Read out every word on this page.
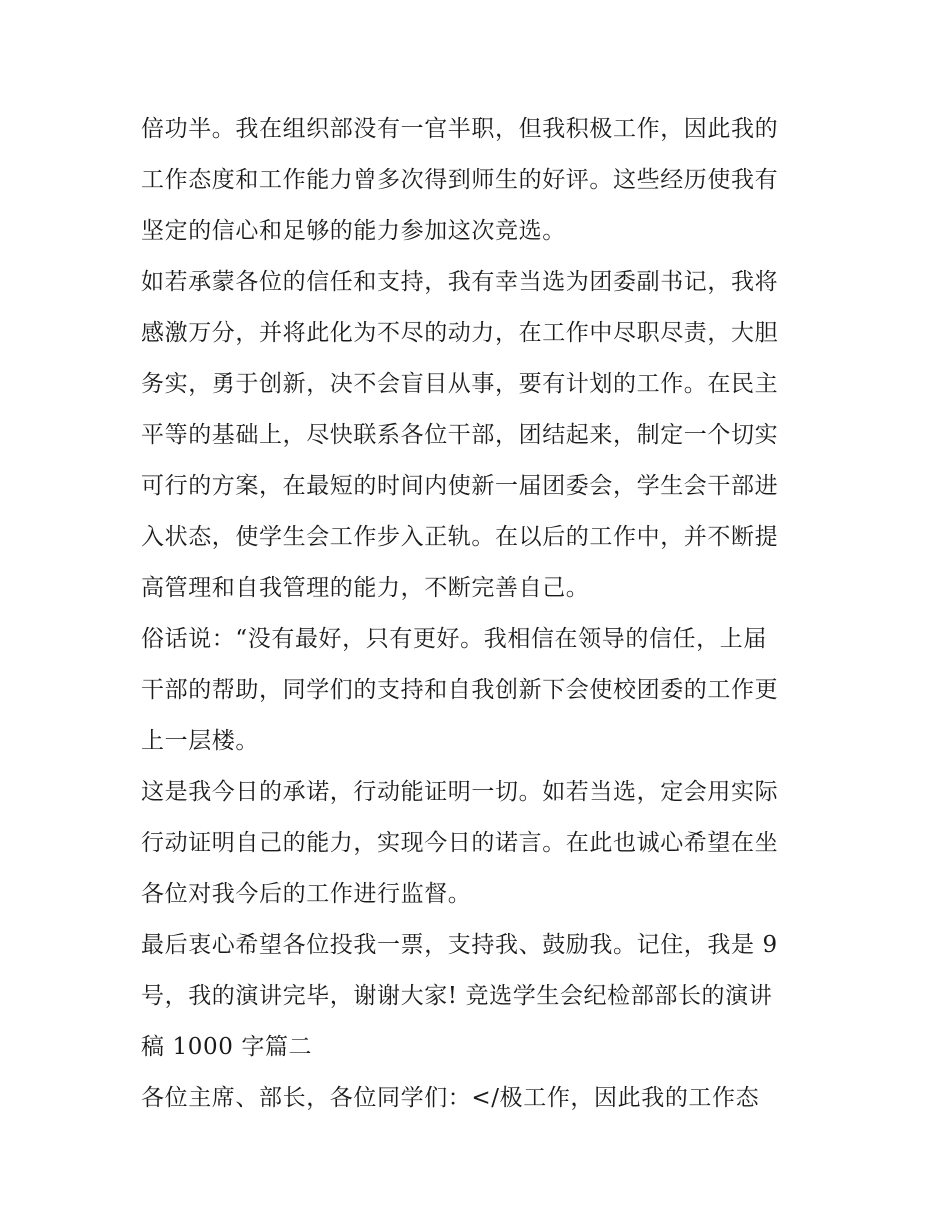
倍功半。我在组织部没有一官半职，但我积极工作，因此我的
工作态度和工作能力曾多次得到师生的好评。这些经历使我有
坚定的信心和足够的能力参加这次竞选。
如若承蒙各位的信任和支持，我有幸当选为团委副书记，我将
感激万分，并将此化为不尽的动力，在工作中尽职尽责，大胆
务实，勇于创新，决不会盲目从事，要有计划的工作。在民主
平等的基础上，尽快联系各位干部，团结起来，制定一个切实
可行的方案，在最短的时间内使新一届团委会，学生会干部进
入状态，使学生会工作步入正轨。在以后的工作中，并不断提
高管理和自我管理的能力，不断完善自己。
俗话说：“没有最好，只有更好。我相信在领导的信任，上届
干部的帮助，同学们的支持和自我创新下会使校团委的工作更
上一层楼。
这是我今日的承诺，行动能证明一切。如若当选，定会用实际
行动证明自己的能力，实现今日的诺言。在此也诚心希望在坐
各位对我今后的工作进行监督。
最后衷心希望各位投我一票，支持我、鼓励我。记住，我是 9
号，我的演讲完毕，谢谢大家! 竞选学生会纪检部部长的演讲
稿 1000 字篇二
各位主席、部长，各位同学们：</极工作，因此我的工作态
